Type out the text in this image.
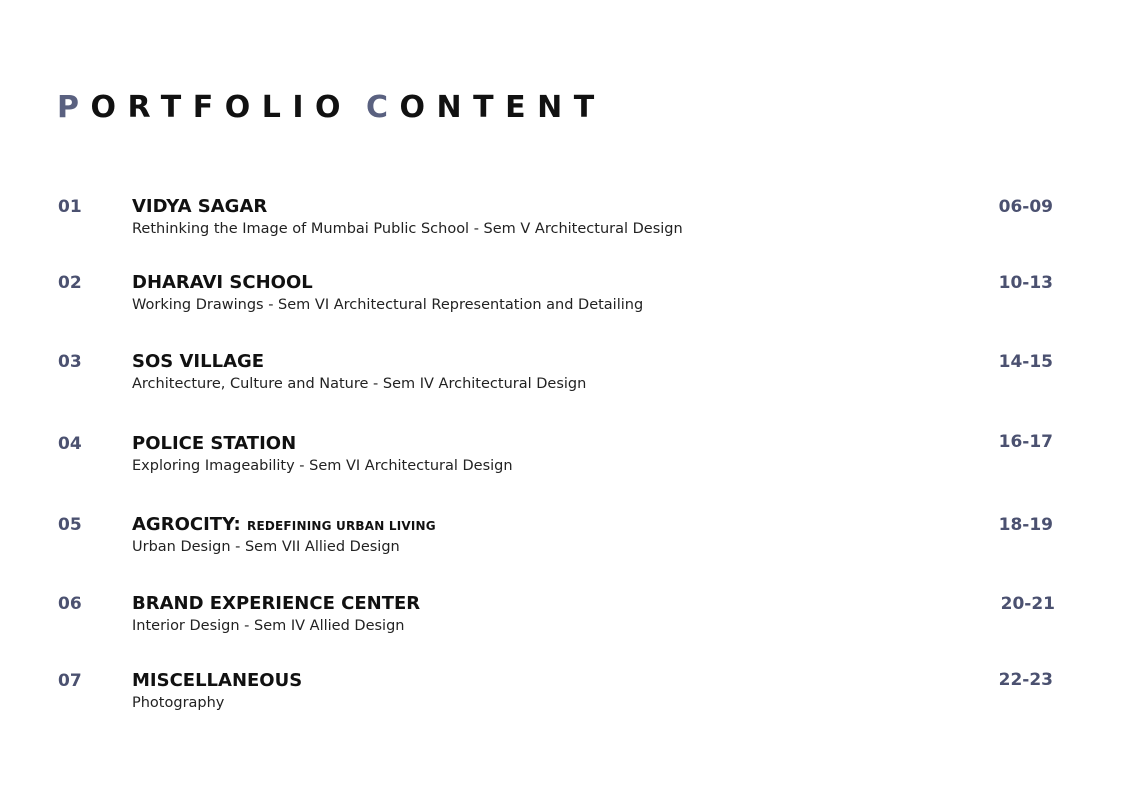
PORTFOLIO CONTENT
01	VIDYA SAGAR
Rethinking the Image of Mumbai Public School - Sem V Architectural Design
06-09
02	DHARAVI SCHOOL
Working Drawings - Sem VI Architectural Representation and Detailing
10-13
03	SOS VILLAGE
Architecture, Culture and Nature - Sem IV Architectural Design
14-15
04	POLICE STATION
Exploring Imageability - Sem VI Architectural Design
16-17
05	AGROCITY: REDEFINING URBAN LIVING
Urban Design - Sem VII Allied Design
18-19
06	BRAND EXPERIENCE CENTER
Interior Design - Sem IV Allied Design
20-21
07	MISCELLANEOUS
Photography
22-23
